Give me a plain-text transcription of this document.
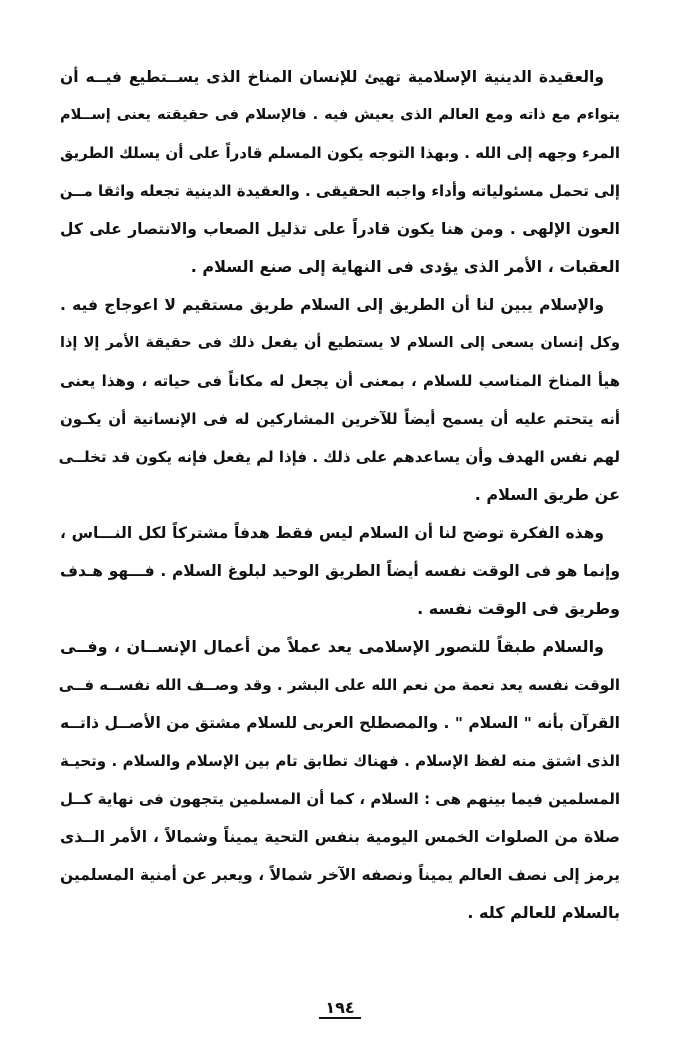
والعقيدة الدينية الإسلامية تهيئ للإنسان المناخ الذى يســتطيع فيــه أن
يتواءم مع ذاته ومع العالم الذى يعيش فيه . فالإسلام فى حقيقته يعنى إســلام
المرء وجهه إلى الله . وبهذا التوجه يكون المسلم قادراً على أن يسلك الطريق
إلى تحمل مسئولياته وأداء واجبه الحقيقى . والعقيدة الدينية تجعله واثقا مــن
العون الإلهى . ومن هنا يكون قادراً على تذليل الصعاب والانتصار على كل
العقبات ، الأمر الذى يؤدى فى النهاية إلى صنع السلام .
والإسلام يبين لنا أن الطريق إلى السلام طريق مستقيم لا اعوجاج فيه .
وكل إنسان يسعى إلى السلام لا يستطيع أن يفعل ذلك فى حقيقة الأمر إلا إذا
هيأ المناخ المناسب للسلام ، بمعنى أن يجعل له مكاناً فى حياته ، وهذا يعنى
أنه يتحتم عليه أن يسمح أيضاً للآخرين المشاركين له فى الإنسانية أن يكـون
لهم نفس الهدف وأن يساعدهم على ذلك . فإذا لم يفعل فإنه يكون قد تخلــى
عن طريق السلام .
وهذه الفكرة توضح لنا أن السلام ليس فقط هدفاً مشتركاً لكل النـــاس ،
وإنما هو فى الوقت نفسه أيضاً الطريق الوحيد لبلوغ السلام . فـــهو هـدف
وطريق فى الوقت نفسه .
والسلام طبقاً للتصور الإسلامى يعد عملاً من أعمال الإنســان ، وفــى
الوقت نفسه يعد نعمة من نعم الله على البشر . وقد وصــف الله نفســه فــى
القرآن بأنه " السلام " . والمصطلح العربى للسلام مشتق من الأصــل ذاتــه
الذى اشتق منه لفظ الإسلام . فهناك تطابق تام بين الإسلام والسلام . وتحيـة
المسلمين فيما بينهم هى : السلام ، كما أن المسلمين يتجهون فى نهاية كــل
صلاة من الصلوات الخمس اليومية بنفس التحية يميناً وشمالاً ، الأمر الــذى
يرمز إلى نصف العالم يميناً ونصفه الآخر شمالاً ، ويعبر عن أمنية المسلمين
بالسلام للعالم كله .
١٩٤
